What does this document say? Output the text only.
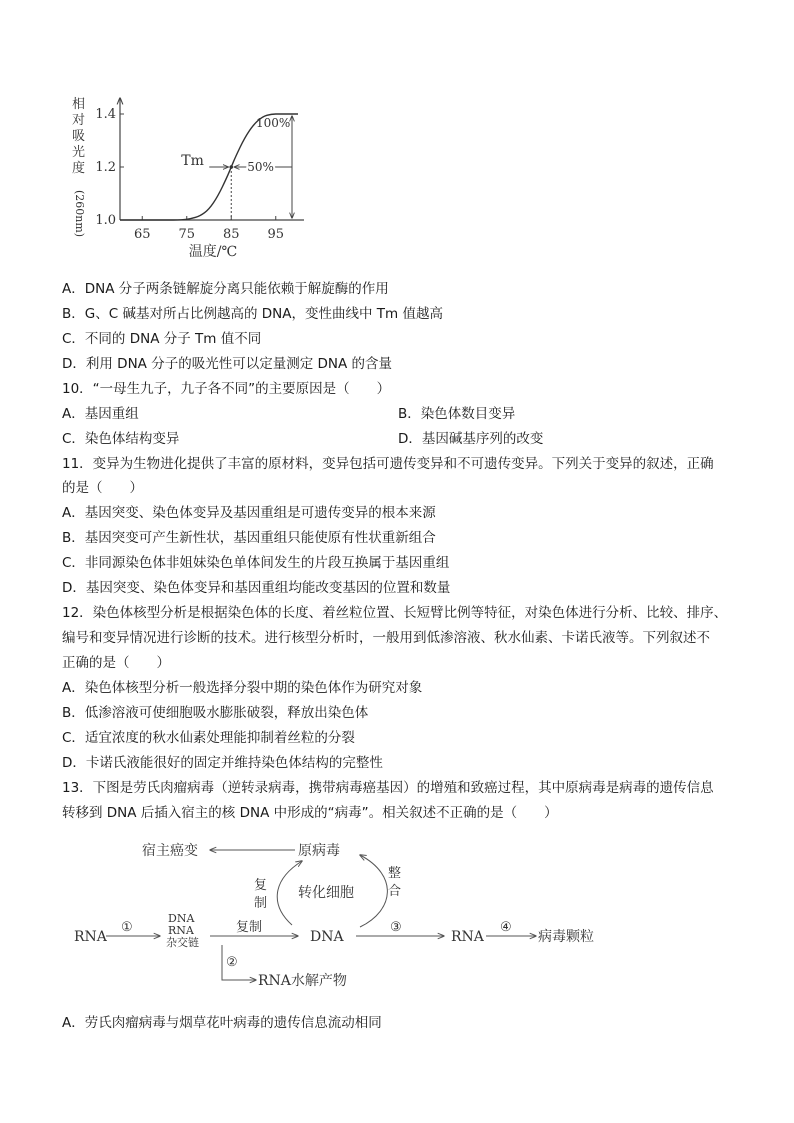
相
对
吸
光
度
(260nm) 1.0
1.2
1.4
65 75 85 95
温度/℃
Tm
100%
50%
A．DNA 分子两条链解旋分离只能依赖于解旋酶的作用
B．G、C 碱基对所占比例越高的 DNA，变性曲线中 Tm 值越高
C．不同的 DNA 分子 Tm 值不同
D．利用 DNA 分子的吸光性可以定量测定 DNA 的含量
10．“一母生九子，九子各不同”的主要原因是（　　）
A．基因重组	B．染色体数目变异
C．染色体结构变异	D．基因碱基序列的改变
11．变异为生物进化提供了丰富的原材料，变异包括可遗传变异和不可遗传变异。下列关于变异的叙述，正确
的是（　　）
A．基因突变、染色体变异及基因重组是可遗传变异的根本来源
B．基因突变可产生新性状，基因重组只能使原有性状重新组合
C．非同源染色体非姐妹染色单体间发生的片段互换属于基因重组
D．基因突变、染色体变异和基因重组均能改变基因的位置和数量
12．染色体核型分析是根据染色体的长度、着丝粒位置、长短臂比例等特征，对染色体进行分析、比较、排序、
编号和变异情况进行诊断的技术。进行核型分析时，一般用到低渗溶液、秋水仙素、卡诺氏液等。下列叙述不
正确的是（　　）
A．染色体核型分析一般选择分裂中期的染色体作为研究对象
B．低渗溶液可使细胞吸水膨胀破裂，释放出染色体
C．适宜浓度的秋水仙素处理能抑制着丝粒的分裂
D．卡诺氏液能很好的固定并维持染色体结构的完整性
13．下图是劳氏肉瘤病毒（逆转录病毒，携带病毒癌基因）的增殖和致癌过程，其中原病毒是病毒的遗传信息
转移到 DNA 后插入宿主的核 DNA 中形成的“病毒”。相关叙述不正确的是（　　）
宿主癌变	原病毒
复
制
转化细胞
整
合
RNA
①
DNA
RNA
杂交链
复制
DNA
③
RNA
④
病毒颗粒
②
RNA水解产物
A．劳氏肉瘤病毒与烟草花叶病毒的遗传信息流动相同
